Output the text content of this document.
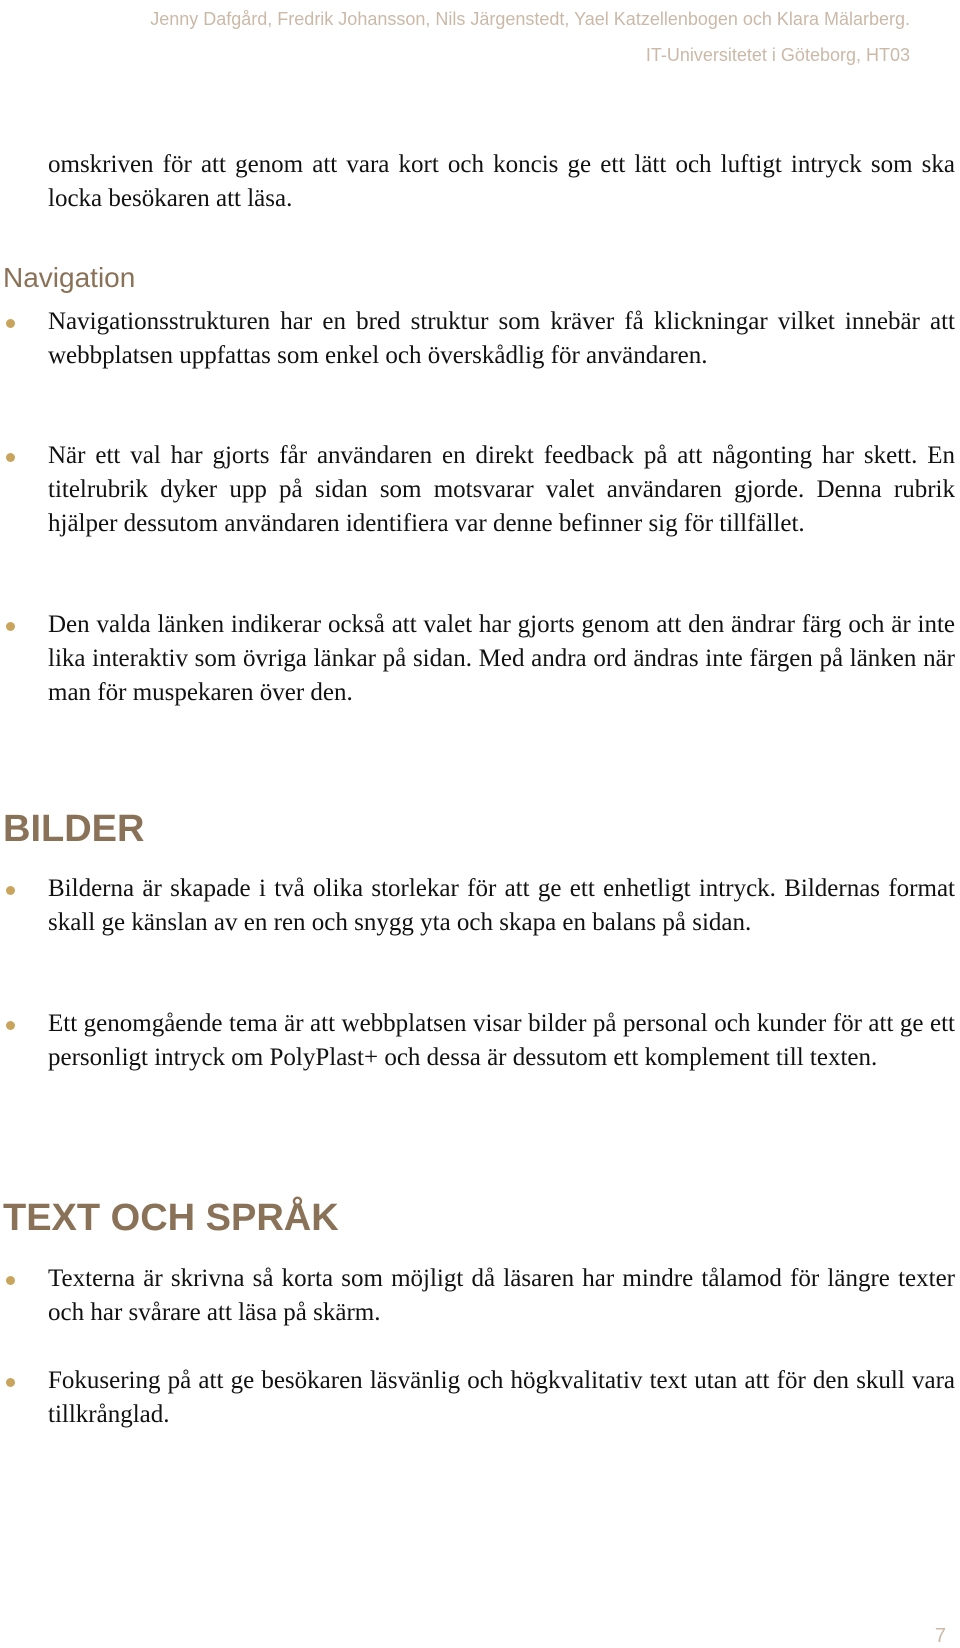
Jenny Dafgård, Fredrik Johansson, Nils Järgenstedt, Yael Katzellenbogen och Klara Mälarberg.
IT-Universitetet i Göteborg, HT03
omskriven för att genom att vara kort och koncis ge ett lätt och luftigt intryck som ska locka besökaren att läsa.
Navigation
Navigationsstrukturen har en bred struktur som kräver få klickningar vilket innebär att webbplatsen uppfattas som enkel och överskådlig för användaren.
När ett val har gjorts får användaren en direkt feedback på att någonting har skett. En titelrubrik dyker upp på sidan som motsvarar valet användaren gjorde. Denna rubrik hjälper dessutom användaren identifiera var denne befinner sig för tillfället.
Den valda länken indikerar också att valet har gjorts genom att den ändrar färg och är inte lika interaktiv som övriga länkar på sidan. Med andra ord ändras inte färgen på länken när man för muspekaren över den.
BILDER
Bilderna är skapade i två olika storlekar för att ge ett enhetligt intryck. Bildernas format skall ge känslan av en ren och snygg yta och skapa en balans på sidan.
Ett genomgående tema är att webbplatsen visar bilder på personal och kunder för att ge ett personligt intryck om PolyPlast+ och dessa är dessutom ett komplement till texten.
TEXT OCH SPRÅK
Texterna är skrivna så korta som möjligt då läsaren har mindre tålamod för längre texter och har svårare att läsa på skärm.
Fokusering på att ge besökaren läsvänlig och högkvalitativ text utan att för den skull vara tillkrånglad.
7
